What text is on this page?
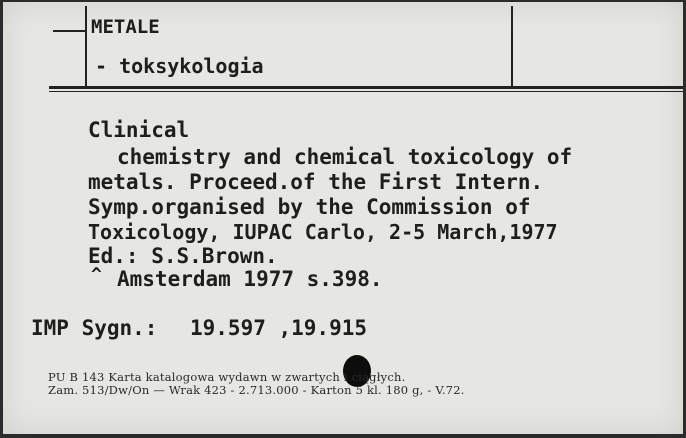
METALE
- toksykologia
Clinical
chemistry and chemical toxicology of
metals. Proceed.of the First Intern.
Symp.organised by the Commission of
Toxicology, IUPAC Carlo, 2-5 March,1977
Ed.: S.S.Brown.
^ Amsterdam 1977 s.398.
IMP Sygn.: 19.597 ,19.915
PU B 143 Karta katalogowa wydawn w zwartych i ciągłych.
Zam. 513/Dw/On — Wrak 423 - 2.713.000 - Karton 5 kl. 180 g, - V.72.
